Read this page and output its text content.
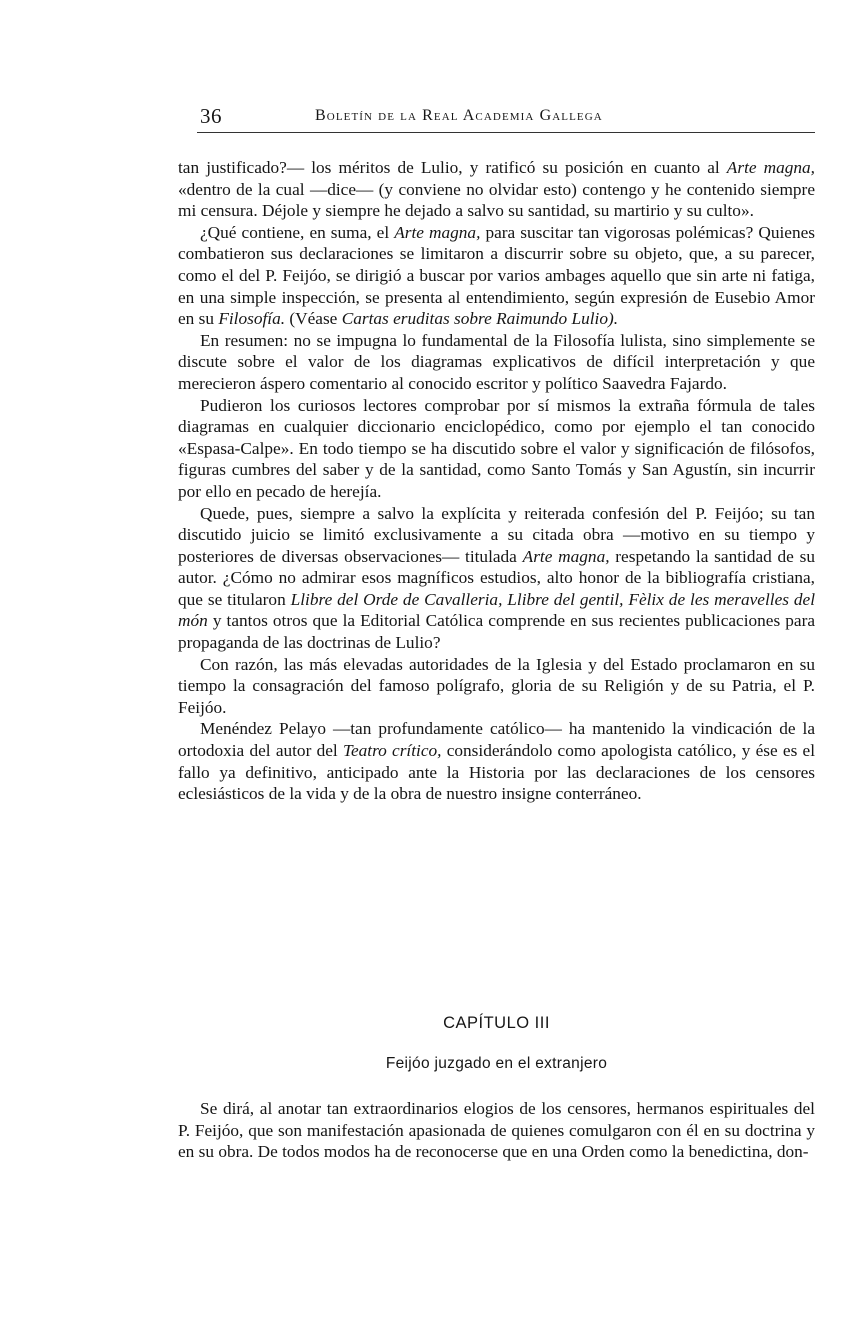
36	Boletín de la Real Academia Gallega

tan justificado?— los méritos de Lulio, y ratificó su posición en cuanto al Arte magna, «dentro de la cual —dice— (y conviene no olvidar esto) contengo y he contenido siempre mi censura. Déjole y siempre he dejado a salvo su santidad, su martirio y su culto».

¿Qué contiene, en suma, el Arte magna, para suscitar tan vigorosas polémicas? Quienes combatieron sus declaraciones se limitaron a discurrir sobre su objeto, que, a su parecer, como el del P. Feijóo, se dirigió a buscar por varios ambages aquello que sin arte ni fatiga, en una simple inspección, se presenta al entendimiento, según expresión de Eusebio Amor en su Filosofía. (Véase Cartas eruditas sobre Raimundo Lulio).

En resumen: no se impugna lo fundamental de la Filosofía lulista, sino simplemente se discute sobre el valor de los diagramas explicativos de difícil interpretación y que merecieron áspero comentario al conocido escritor y político Saavedra Fajardo.

Pudieron los curiosos lectores comprobar por sí mismos la extraña fórmula de tales diagramas en cualquier diccionario enciclopédico, como por ejemplo el tan conocido «Espasa-Calpe». En todo tiempo se ha discutido sobre el valor y significación de filósofos, figuras cumbres del saber y de la santidad, como Santo Tomás y San Agustín, sin incurrir por ello en pecado de herejía.

Quede, pues, siempre a salvo la explícita y reiterada confesión del P. Feijóo; su tan discutido juicio se limitó exclusivamente a su citada obra —motivo en su tiempo y posteriores de diversas observaciones— titulada Arte magna, respetando la santidad de su autor. ¿Cómo no admirar esos magníficos estudios, alto honor de la bibliografía cristiana, que se titularon Llibre del Orde de Cavalleria, Llibre del gentil, Fèlix de les meravelles del món y tantos otros que la Editorial Católica comprende en sus recientes publicaciones para propaganda de las doctrinas de Lulio?

Con razón, las más elevadas autoridades de la Iglesia y del Estado proclamaron en su tiempo la consagración del famoso polígrafo, gloria de su Religión y de su Patria, el P. Feijóo.

Menéndez Pelayo —tan profundamente católico— ha mantenido la vindicación de la ortodoxia del autor del Teatro crítico, considerándolo como apologista católico, y ése es el fallo ya definitivo, anticipado ante la Historia por las declaraciones de los censores eclesiásticos de la vida y de la obra de nuestro insigne conterráneo.

CAPÍTULO III
Feijóo juzgado en el extranjero

Se dirá, al anotar tan extraordinarios elogios de los censores, hermanos espirituales del P. Feijóo, que son manifestación apasionada de quienes comulgaron con él en su doctrina y en su obra. De todos modos ha de reconocerse que en una Orden como la benedictina, don-
